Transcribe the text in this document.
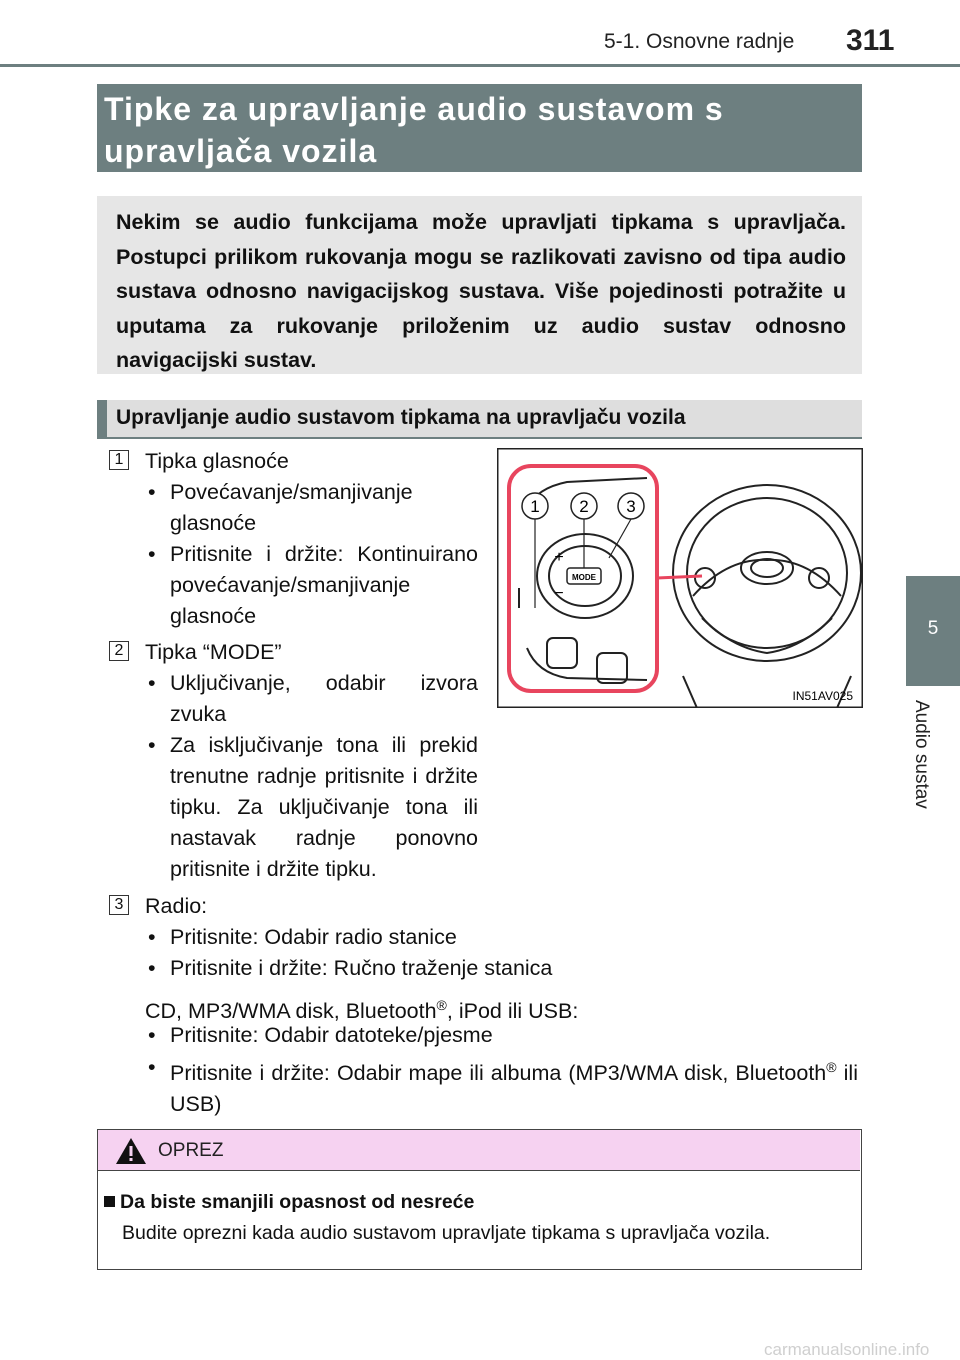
5-1. Osnovne radnje 311
5
Audio sustav
Tipke za upravljanje audio sustavom s upravljača vozila
Nekim se audio funkcijama može upravljati tipkama s upravljača. Postupci prilikom rukovanja mogu se razlikovati zavisno od tipa audio sustava odnosno navigacijskog sustava. Više pojedinosti potražite u uputama za rukovanje priloženim uz audio sustav odnosno navigacijski sustav.
Upravljanje audio sustavom tipkama na upravljaču vozila
1 Tipka glasnoće
• Povećavanje/smanjivanje glasnoće
• Pritisnite i držite: Kontinuirano povećavanje/smanjivanje glasnoće
2 Tipka “MODE”
• Uključivanje, odabir izvora zvuka
• Za isključivanje tona ili prekid trenutne radnje pritisnite i držite tipku. Za uključivanje tona ili nastavak radnje ponovno pritisnite i držite tipku.
3 Radio:
• Pritisnite: Odabir radio stanice
• Pritisnite i držite: Ručno traženje stanica
CD, MP3/WMA disk, Bluetooth®, iPod ili USB:
• Pritisnite: Odabir datoteke/pjesme
• Pritisnite i držite: Odabir mape ili albuma (MP3/WMA disk, Bluetooth® ili USB)
MODE
+
−
1 2 3
IN51AV025
OPREZ
Da biste smanjili opasnost od nesreće
Budite oprezni kada audio sustavom upravljate tipkama s upravljača vozila.
carmanualsonline.info
